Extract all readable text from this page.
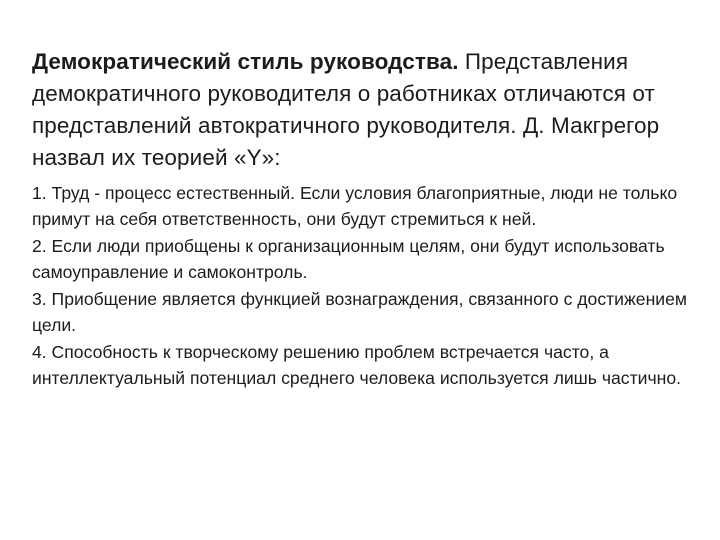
Демократический стиль руководства. Представления демократичного руководителя о работниках отличаются от представлений автократичного руководителя. Д. Макгрегор назвал их теорией «Y»:

1. Труд - процесс естественный. Если условия благоприятные, люди не только примут на себя ответственность, они будут стремиться к ней.
2. Если люди приобщены к организационным целям, они будут использовать самоуправление и самоконтроль.
3. Приобщение является функцией вознаграждения, связанного с достижением цели.
4. Способность к творческому решению проблем встречается часто, а интеллектуальный потенциал среднего человека используется лишь частично.
